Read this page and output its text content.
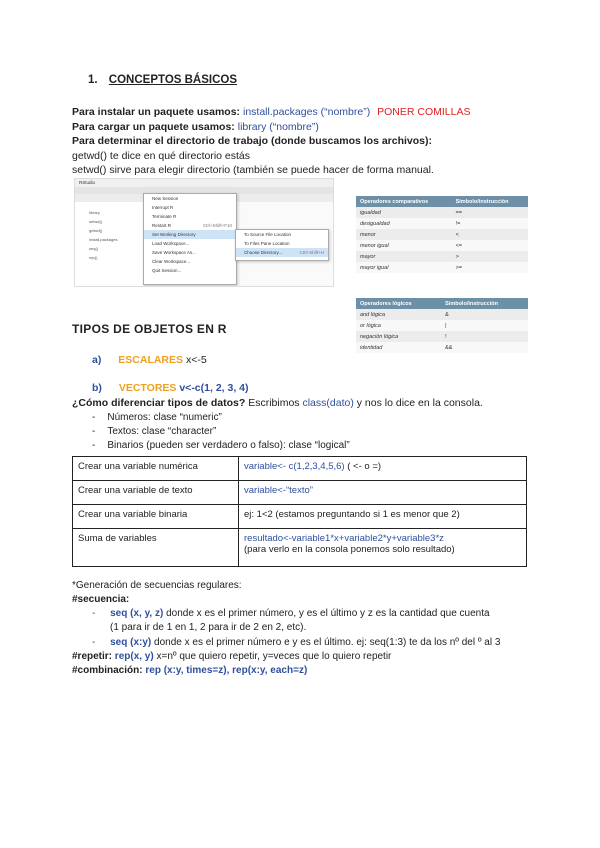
1. CONCEPTOS BÁSICOS
Para instalar un paquete usamos: install.packages (“nombre”) PONER COMILLAS
Para cargar un paquete usamos: library (“nombre”)
Para determinar el directorio de trabajo (donde buscamos los archivos):
getwd() te dice en qué directorio estás
setwd() sirve para elegir directorio (también se puede hacer de forma manual.
RStudio
library
setwd()
getwd()
install.packages
seq()
rep()
New Session
Interrupt R
Terminate R
Restart R	Ctrl+Shift+F10
Set Working Directory
Load Workspace...
Save Workspace As...
Clear Workspace...
Quit Session...
To Source File Location
To Files Pane Location
Choose Directory...	Ctrl+Shift+H
Operadores comparativos	Símbolo/instrucción
igualdad	==
desigualdad	!=
menor	<
menor igual	<=
mayor	>
mayor igual	>=
Operadores lógicos	Símbolo/instrucción
and lógica	&
or lógica	|
negación lógica	!
identidad	&&
TIPOS DE OBJETOS EN R
a) ESCALARES x<-5
b) VECTORES v<-c(1, 2, 3, 4)
¿Cómo diferenciar tipos de datos? Escribimos class(dato) y nos lo dice en la consola.
- Números: clase “numeric”
- Textos: clase “character”
- Binarios (pueden ser verdadero o falso): clase “logical”
Crear una variable numérica	variable<- c(1,2,3,4,5,6) ( <- o =)
Crear una variable de texto	variable<-“texto”
Crear una variable binaria	ej: 1<2 (estamos preguntando si 1 es menor que 2)
Suma de variables	resultado<-variable1*x+variable2*y+variable3*z
(para verlo en la consola ponemos solo resultado)
*Generación de secuencias regulares:
#secuencia:
- seq (x, y, z) donde x es el primer número, y es el último y z es la cantidad que cuenta
(1 para ir de 1 en 1, 2 para ir de 2 en 2, etc).
- seq (x:y) donde x es el primer número e y es el último. ej: seq(1:3) te da los nº del º al 3
#repetir: rep(x, y) x=nº que quiero repetir, y=veces que lo quiero repetir
#combinación: rep (x:y, times=z), rep(x:y, each=z)
